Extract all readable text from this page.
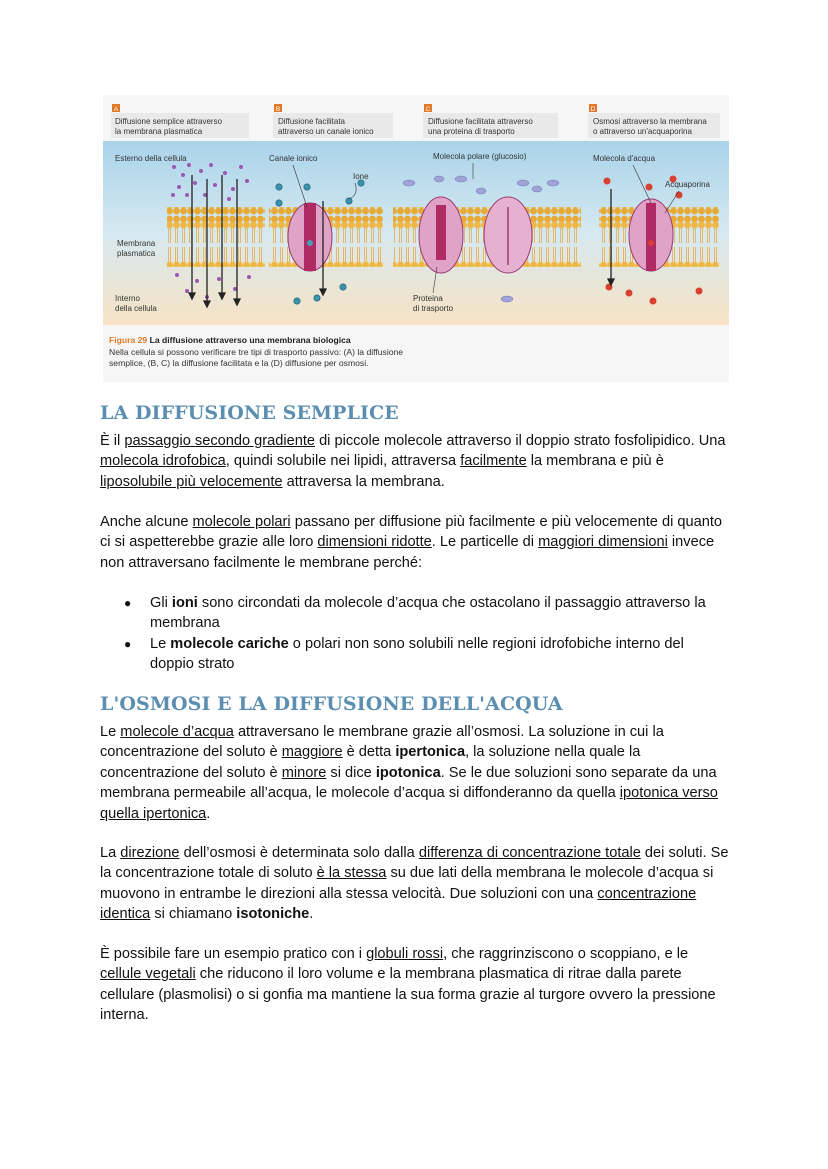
A
Diffusione semplice attraverso
la membrana plasmatica
B
Diffusione facilitata
attraverso un canale ionico
C
Diffusione facilitata attraverso
una proteina di trasporto
D
Osmosi attraverso la membrana
o attraverso un'acquaporina
Esterno della cellula
Membrana
plasmatica
Interno
della cellula
Canale ionico
Ione
Molecola polare (glucosio)
Proteina
di trasporto
Molecola d'acqua
Acquaporina
Figura 29 La diffusione attraverso una membrana biologica
Nella cellula si possono verificare tre tipi di trasporto passivo: (A) la diffusione
semplice, (B, C) la diffusione facilitata e la (D) diffusione per osmosi.
LA DIFFUSIONE SEMPLICE

È il passaggio secondo gradiente di piccole molecole attraverso il doppio strato fosfolipidico. Una molecola idrofobica, quindi solubile nei lipidi, attraversa facilmente la membrana e più è liposolubile più velocemente attraversa la membrana.

Anche alcune molecole polari passano per diffusione più facilmente e più velocemente di quanto ci si aspetterebbe grazie alle loro dimensioni ridotte. Le particelle di maggiori dimensioni invece non attraversano facilmente le membrane perché:

● Gli ioni sono circondati da molecole d’acqua che ostacolano il passaggio attraverso la membrana
● Le molecole cariche o polari non sono solubili nelle regioni idrofobiche interno del doppio strato
L'OSMOSI E LA DIFFUSIONE DELL'ACQUA

Le molecole d’acqua attraversano le membrane grazie all’osmosi. La soluzione in cui la concentrazione del soluto è maggiore è detta ipertonica, la soluzione nella quale la concentrazione del soluto è minore si dice ipotonica. Se le due soluzioni sono separate da una membrana permeabile all’acqua, le molecole d’acqua si diffonderanno da quella ipotonica verso quella ipertonica.

La direzione dell’osmosi è determinata solo dalla differenza di concentrazione totale dei soluti. Se la concentrazione totale di soluto è la stessa su due lati della membrana le molecole d’acqua si muovono in entrambe le direzioni alla stessa velocità. Due soluzioni con una concentrazione identica si chiamano isotoniche.

È possibile fare un esempio pratico con i globuli rossi, che raggrinziscono o scoppiano, e le cellule vegetali che riducono il loro volume e la membrana plasmatica di ritrae dalla parete cellulare (plasmolisi) o si gonfia ma mantiene la sua forma grazie al turgore ovvero la pressione interna.
